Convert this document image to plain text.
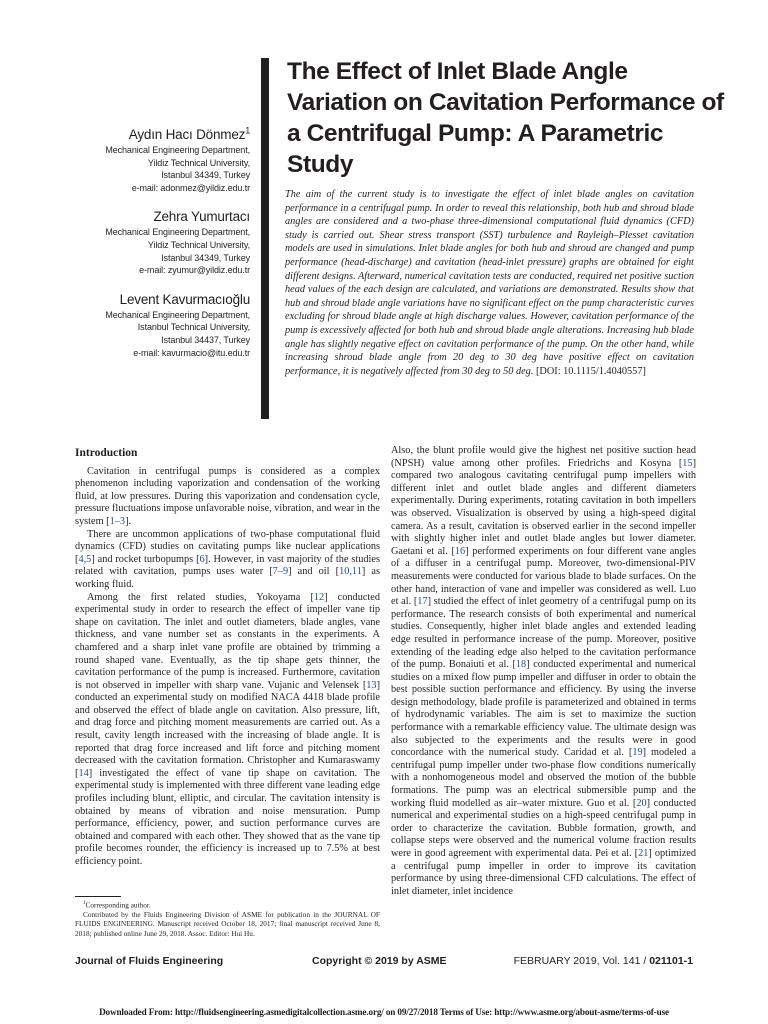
Aydın Hacı Dönmez$^1$
Mechanical Engineering Department,
Yildiz Technical University,
Istanbul 34349, Turkey
e-mail: adonmez@yildiz.edu.tr
Zehra Yumurtacı
Mechanical Engineering Department,
Yildiz Technical University,
Istanbul 34349, Turkey
e-mail: zyumur@yildiz.edu.tr
Levent Kavurmacıoğlu
Mechanical Engineering Department,
Istanbul Technical University,
Istanbul 34437, Turkey
e-mail: kavurmacio@itu.edu.tr
The Effect of Inlet Blade Angle Variation on Cavitation Performance of a Centrifugal Pump: A Parametric Study

The aim of the current study is to investigate the effect of inlet blade angles on cavitation performance in a centrifugal pump. In order to reveal this relationship, both hub and shroud blade angles are considered and a two-phase three-dimensional computational fluid dynamics (CFD) study is carried out. Shear stress transport (SST) turbulence and Rayleigh–Plesset cavitation models are used in simulations. Inlet blade angles for both hub and shroud are changed and pump performance (head-discharge) and cavitation (head-inlet pressure) graphs are obtained for eight different designs. Afterward, numerical cavitation tests are conducted, required net positive suction head values of the each design are calculated, and variations are demonstrated. Results show that hub and shroud blade angle variations have no significant effect on the pump characteristic curves excluding for shroud blade angle at high discharge values. However, cavitation performance of the pump is excessively affected for both hub and shroud blade angle alterations. Increasing hub blade angle has slightly negative effect on cavitation performance of the pump. On the other hand, while increasing shroud blade angle from 20 deg to 30 deg have positive effect on cavitation performance, it is negatively affected from 30 deg to 50 deg. [DOI: 10.1115/1.4040557]

Introduction

Cavitation in centrifugal pumps is considered as a complex phenomenon including vaporization and condensation of the working fluid, at low pressures. During this vaporization and condensation cycle, pressure fluctuations impose unfavorable noise, vibration, and wear in the system [1–3].

There are uncommon applications of two-phase computational fluid dynamics (CFD) studies on cavitating pumps like nuclear applications [4,5] and rocket turbopumps [6]. However, in vast majority of the studies related with cavitation, pumps uses water [7–9] and oil [10,11] as working fluid.

Among the first related studies, Yokoyama [12] conducted experimental study in order to research the effect of impeller vane tip shape on cavitation. The inlet and outlet diameters, blade angles, vane thickness, and vane number set as constants in the experiments. A chamfered and a sharp inlet vane profile are obtained by trimming a round shaped vane. Eventually, as the tip shape gets thinner, the cavitation performance of the pump is increased. Furthermore, cavitation is not observed in impeller with sharp vane. Vujanic and Velensek [13] conducted an experimental study on modified NACA 4418 blade profile and observed the effect of blade angle on cavitation. Also pressure, lift, and drag force and pitching moment measurements are carried out. As a result, cavity length increased with the increasing of blade angle. It is reported that drag force increased and lift force and pitching moment decreased with the cavitation formation. Christopher and Kumaraswamy [14] investigated the effect of vane tip shape on cavitation. The experimental study is implemented with three different vane leading edge profiles including blunt, elliptic, and circular. The cavitation intensity is obtained by means of vibration and noise mensuration. Pump performance, efficiency, power, and suction performance curves are obtained and compared with each other. They showed that as the vane tip profile becomes rounder, the efficiency is increased up to 7.5% at best efficiency point.

Also, the blunt profile would give the highest net positive suction head (NPSH) value among other profiles. Friedrichs and Kosyna [15] compared two analogous cavitating centrifugal pump impellers with different inlet and outlet blade angles and different diameters experimentally. During experiments, rotating cavitation in both impellers was observed. Visualization is observed by using a high-speed digital camera. As a result, cavitation is observed earlier in the second impeller with slightly higher inlet and outlet blade angles but lower diameter. Gaetani et al. [16] performed experiments on four different vane angles of a diffuser in a centrifugal pump. Moreover, two-dimensional-PIV measurements were conducted for various blade to blade surfaces. On the other hand, interaction of vane and impeller was considered as well. Luo et al. [17] studied the effect of inlet geometry of a centrifugal pump on its performance. The research consists of both experimental and numerical studies. Consequently, higher inlet blade angles and extended leading edge resulted in performance increase of the pump. Moreover, positive extending of the leading edge also helped to the cavitation performance of the pump. Bonaiuti et al. [18] conducted experimental and numerical studies on a mixed flow pump impeller and diffuser in order to obtain the best possible suction performance and efficiency. By using the inverse design methodology, blade profile is parameterized and obtained in terms of hydrodynamic variables. The aim is set to maximize the suction performance with a remarkable efficiency value. The ultimate design was also subjected to the experiments and the results were in good concordance with the numerical study. Caridad et al. [19] modeled a centrifugal pump impeller under two-phase flow conditions numerically with a nonhomogeneous model and observed the motion of the bubble formations. The pump was an electrical submersible pump and the working fluid modelled as air–water mixture. Guo et al. [20] conducted numerical and experimental studies on a high-speed centrifugal pump in order to characterize the cavitation. Bubble formation, growth, and collapse steps were observed and the numerical volume fraction results were in good agreement with experimental data. Pei et al. [21] optimized a centrifugal pump impeller in order to improve its cavitation performance by using three-dimensional CFD calculations. The effect of inlet diameter, inlet incidence

$^1$Corresponding author.

Contributed by the Fluids Engineering Division of ASME for publication in the JOURNAL OF FLUIDS ENGINEERING. Manuscript received October 18, 2017; final manuscript received June 8, 2018; published online June 29, 2018. Assoc. Editor: Hui Hu.

Journal of Fluids Engineering	Copyright © 2019 by ASME	FEBRUARY 2019, Vol. 141 / 021101-1
Downloaded From: http://fluidsengineering.asmedigitalcollection.asme.org/ on 09/27/2018 Terms of Use: http://www.asme.org/about-asme/terms-of-use
